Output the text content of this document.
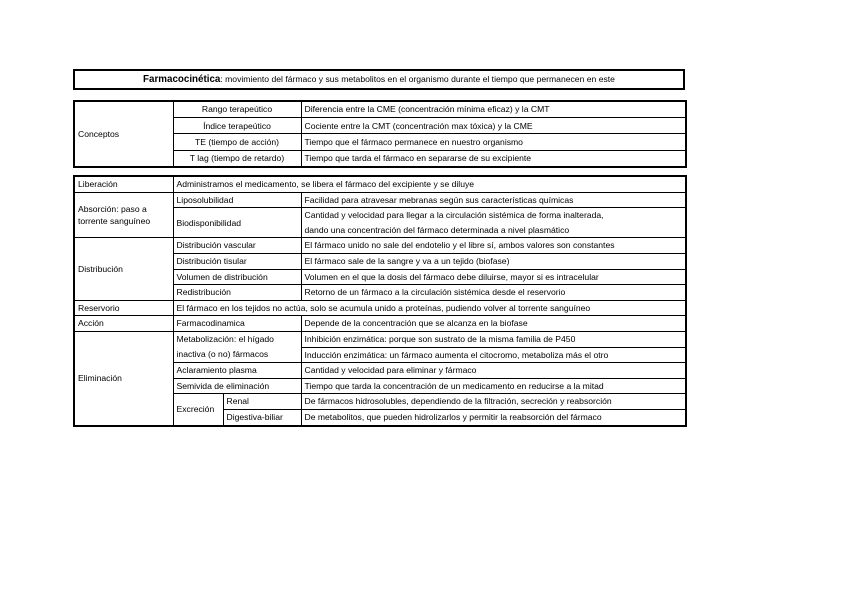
Farmacocinética: movimiento del fármaco y sus metabolitos en el organismo durante el tiempo que permanecen en este
Conceptos	Rango terapeútico	Diferencia entre la CME (concentración mínima eficaz) y la CMT
	Índice terapeútico	Cociente entre la CMT (concentración max tóxica) y la CME
	TE (tiempo de acción)	Tiempo que el fármaco permanece en nuestro organismo
	T lag (tiempo de retardo)	Tiempo que tarda el fármaco en separarse de su excipiente
Liberación	Administramos el medicamento, se libera el fármaco del excipiente y se diluye		
Absorción: paso a
torrente sanguíneo	Liposolubilidad		Facilidad para atravesar mebranas según sus características químicas
	Biodisponibilidad		Cantidad y velocidad para llegar a la circulación sistémica de forma inalterada,
			dando una concentración del fármaco determinada a nivel plasmático
Distribución	Distribución vascular		El fármaco unido no sale del endotelio y el libre sí, ambos valores son constantes
	Distribución tisular		El fármaco sale de la sangre y va a un tejido (biofase)
	Volumen de distribución		Volumen en el que la dosis del fármaco debe diluirse, mayor si es intracelular
	Redistribución		Retorno de un fármaco a la circulación sistémica desde el reservorio
Reservorio	El fármaco en los tejidos no actúa, solo se acumula unido a proteínas, pudiendo volver al torrente sanguíneo		
Acción	Farmacodinamica		Depende de la concentración que se alcanza en la biofase
Eliminación	Metabolización: el hígado		Inhibición enzimática: porque son sustrato de la misma familia de P450
	inactiva (o no) fármacos		Inducción enzimática: un fármaco aumenta el citocromo, metaboliza más el otro
	Aclaramiento plasma		Cantidad y velocidad para eliminar y fármaco
	Semivida de eliminación		Tiempo que tarda la concentración de un medicamento en reducirse a la mitad
	Excreción	Renal	De fármacos hidrosolubles, dependiendo de la filtración, secreción y reabsorción
		Digestiva-biliar	De metabolitos, que pueden hidrolizarlos y permitir la reabsorción del fármaco
